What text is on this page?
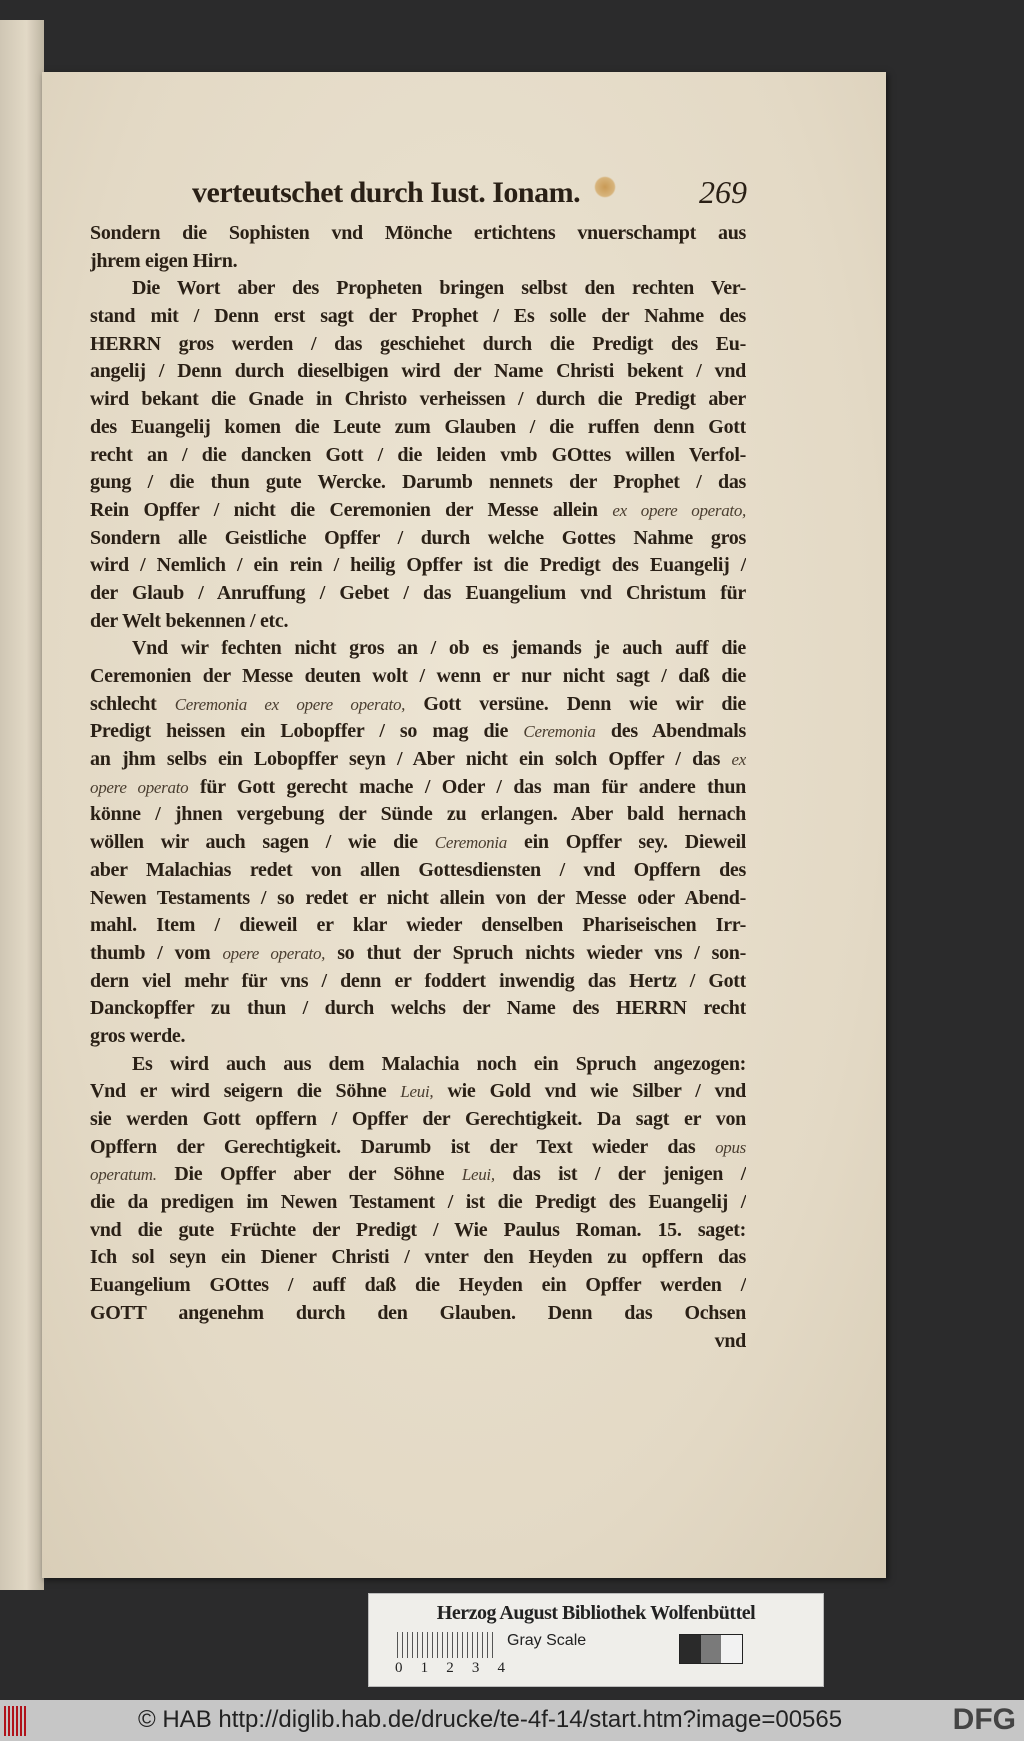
verteutschet durch Iust. Ionam.	269
Sondern die Sophisten vnd Mönche ertichtens vnuerschampt aus
jhrem eigen Hirn.
Die Wort aber des Propheten bringen selbst den rechten Ver-
stand mit / Denn erst sagt der Prophet / Es solle der Nahme des
HERRN gros werden / das geschiehet durch die Predigt des Eu-
angelij / Denn durch dieselbigen wird der Name Christi bekent / vnd
wird bekant die Gnade in Christo verheissen / durch die Predigt aber
des Euangelij komen die Leute zum Glauben / die ruffen denn Gott
recht an / die dancken Gott / die leiden vmb GOttes willen Verfol-
gung / die thun gute Wercke. Darumb nennets der Prophet / das
Rein Opffer / nicht die Ceremonien der Messe allein ex opere operato,
Sondern alle Geistliche Opffer / durch welche Gottes Nahme gros
wird / Nemlich / ein rein / heilig Opffer ist die Predigt des Euangelij /
der Glaub / Anruffung / Gebet / das Euangelium vnd Christum für
der Welt bekennen / etc.
Vnd wir fechten nicht gros an / ob es jemands je auch auff die
Ceremonien der Messe deuten wolt / wenn er nur nicht sagt / daß die
schlecht Ceremonia ex opere operato, Gott versüne. Denn wie wir die
Predigt heissen ein Lobopffer / so mag die Ceremonia des Abendmals
an jhm selbs ein Lobopffer seyn / Aber nicht ein solch Opffer / das ex
opere operato für Gott gerecht mache / Oder / das man für andere thun
könne / jhnen vergebung der Sünde zu erlangen. Aber bald hernach
wöllen wir auch sagen / wie die Ceremonia ein Opffer sey. Dieweil
aber Malachias redet von allen Gottesdiensten / vnd Opffern des
Newen Testaments / so redet er nicht allein von der Messe oder Abend-
mahl. Item / dieweil er klar wieder denselben Phariseischen Irr-
thumb / vom opere operato, so thut der Spruch nichts wieder vns / son-
dern viel mehr für vns / denn er foddert inwendig das Hertz / Gott
Danckopffer zu thun / durch welchs der Name des HERRN recht
gros werde.
Es wird auch aus dem Malachia noch ein Spruch angezogen:
Vnd er wird seigern die Söhne Leui, wie Gold vnd wie Silber / vnd
sie werden Gott opffern / Opffer der Gerechtigkeit. Da sagt er von
Opffern der Gerechtigkeit. Darumb ist der Text wieder das opus
operatum. Die Opffer aber der Söhne Leui, das ist / der jenigen /
die da predigen im Newen Testament / ist die Predigt des Euangelij /
vnd die gute Früchte der Predigt / Wie Paulus Roman. 15. saget:
Ich sol seyn ein Diener Christi / vnter den Heyden zu opffern das
Euangelium GOttes / auff daß die Heyden ein Opffer werden /
GOTT angenehm durch den Glauben. Denn das Ochsen
vnd
Herzog August Bibliothek Wolfenbüttel
0 1 2 3 4
Gray Scale
© HAB http://diglib.hab.de/drucke/te-4f-14/start.htm?image=00565	DFG
